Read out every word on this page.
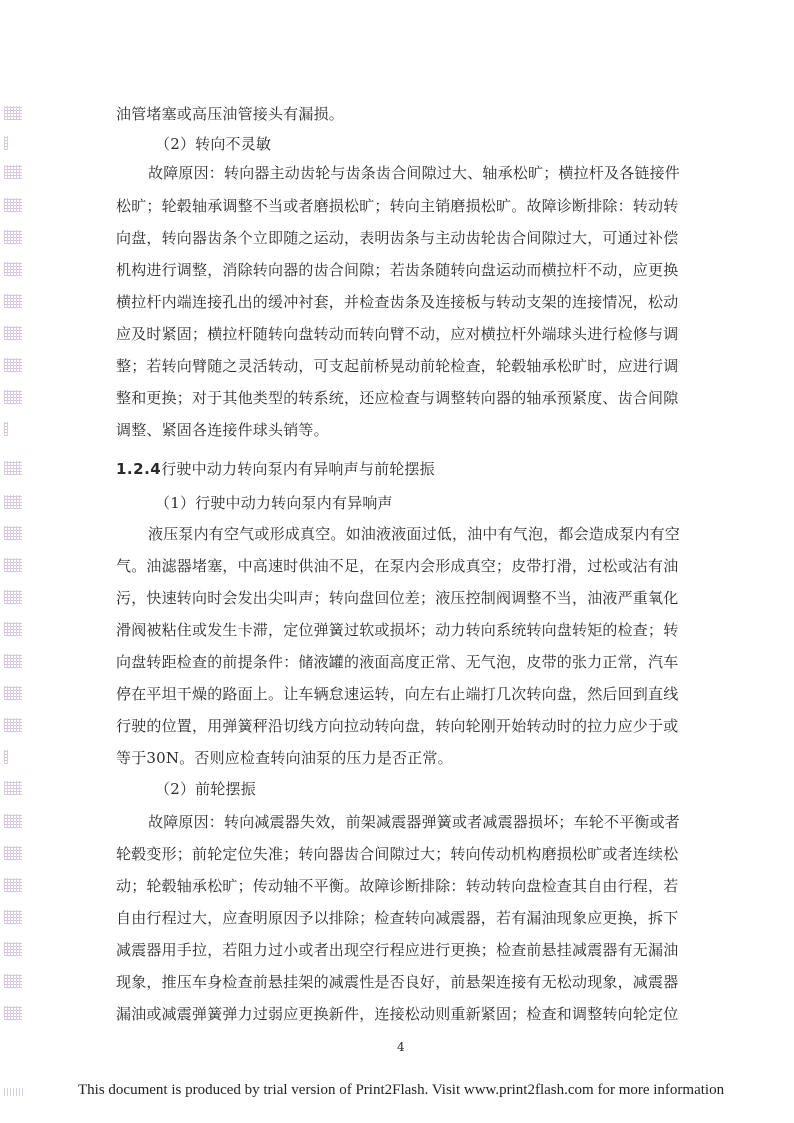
油管堵塞或高压油管接头有漏损。
（2）转向不灵敏
故障原因：转向器主动齿轮与齿条齿合间隙过大、轴承松旷；横拉杆及各链接件
松旷；轮毂轴承调整不当或者磨损松旷；转向主销磨损松旷。故障诊断排除：转动转
向盘，转向器齿条个立即随之运动，表明齿条与主动齿轮齿合间隙过大，可通过补偿
机构进行调整，消除转向器的齿合间隙；若齿条随转向盘运动而横拉杆不动，应更换
横拉杆内端连接孔出的缓冲衬套，并检查齿条及连接板与转动支架的连接情况，松动
应及时紧固；横拉杆随转向盘转动而转向臂不动，应对横拉杆外端球头进行检修与调
整；若转向臂随之灵活转动，可支起前桥晃动前轮检查，轮毂轴承松旷时，应进行调
整和更换；对于其他类型的转系统，还应检查与调整转向器的轴承预紧度、齿合间隙
调整、紧固各连接件球头销等。
1.2.4行驶中动力转向泵内有异响声与前轮摆振
（1）行驶中动力转向泵内有异响声
液压泵内有空气或形成真空。如油液液面过低，油中有气泡，都会造成泵内有空
气。油滤器堵塞，中高速时供油不足，在泵内会形成真空；皮带打滑，过松或沾有油
污，快速转向时会发出尖叫声；转向盘回位差；液压控制阀调整不当，油液严重氧化
滑阀被粘住或发生卡滞，定位弹簧过软或损坏；动力转向系统转向盘转矩的检查；转
向盘转距检查的前提条件：储液罐的液面高度正常、无气泡，皮带的张力正常，汽车
停在平坦干燥的路面上。让车辆怠速运转，向左右止端打几次转向盘，然后回到直线
行驶的位置，用弹簧秤沿切线方向拉动转向盘，转向轮刚开始转动时的拉力应少于或
等于30N。否则应检查转向油泵的压力是否正常。
（2）前轮摆振
故障原因：转向减震器失效，前架减震器弹簧或者减震器损坏；车轮不平衡或者
轮毂变形；前轮定位失准；转向器齿合间隙过大；转向传动机构磨损松旷或者连续松
动；轮毂轴承松旷；传动轴不平衡。故障诊断排除：转动转向盘检查其自由行程，若
自由行程过大，应查明原因予以排除；检查转向减震器，若有漏油现象应更换，拆下
减震器用手拉，若阻力过小或者出现空行程应进行更换；检查前悬挂减震器有无漏油
现象，推压车身检查前悬挂架的减震性是否良好，前悬架连接有无松动现象，减震器
漏油或减震弹簧弹力过弱应更换新件，连接松动则重新紧固；检查和调整转向轮定位
4
This document is produced by trial version of Print2Flash. Visit www.print2flash.com for more information
